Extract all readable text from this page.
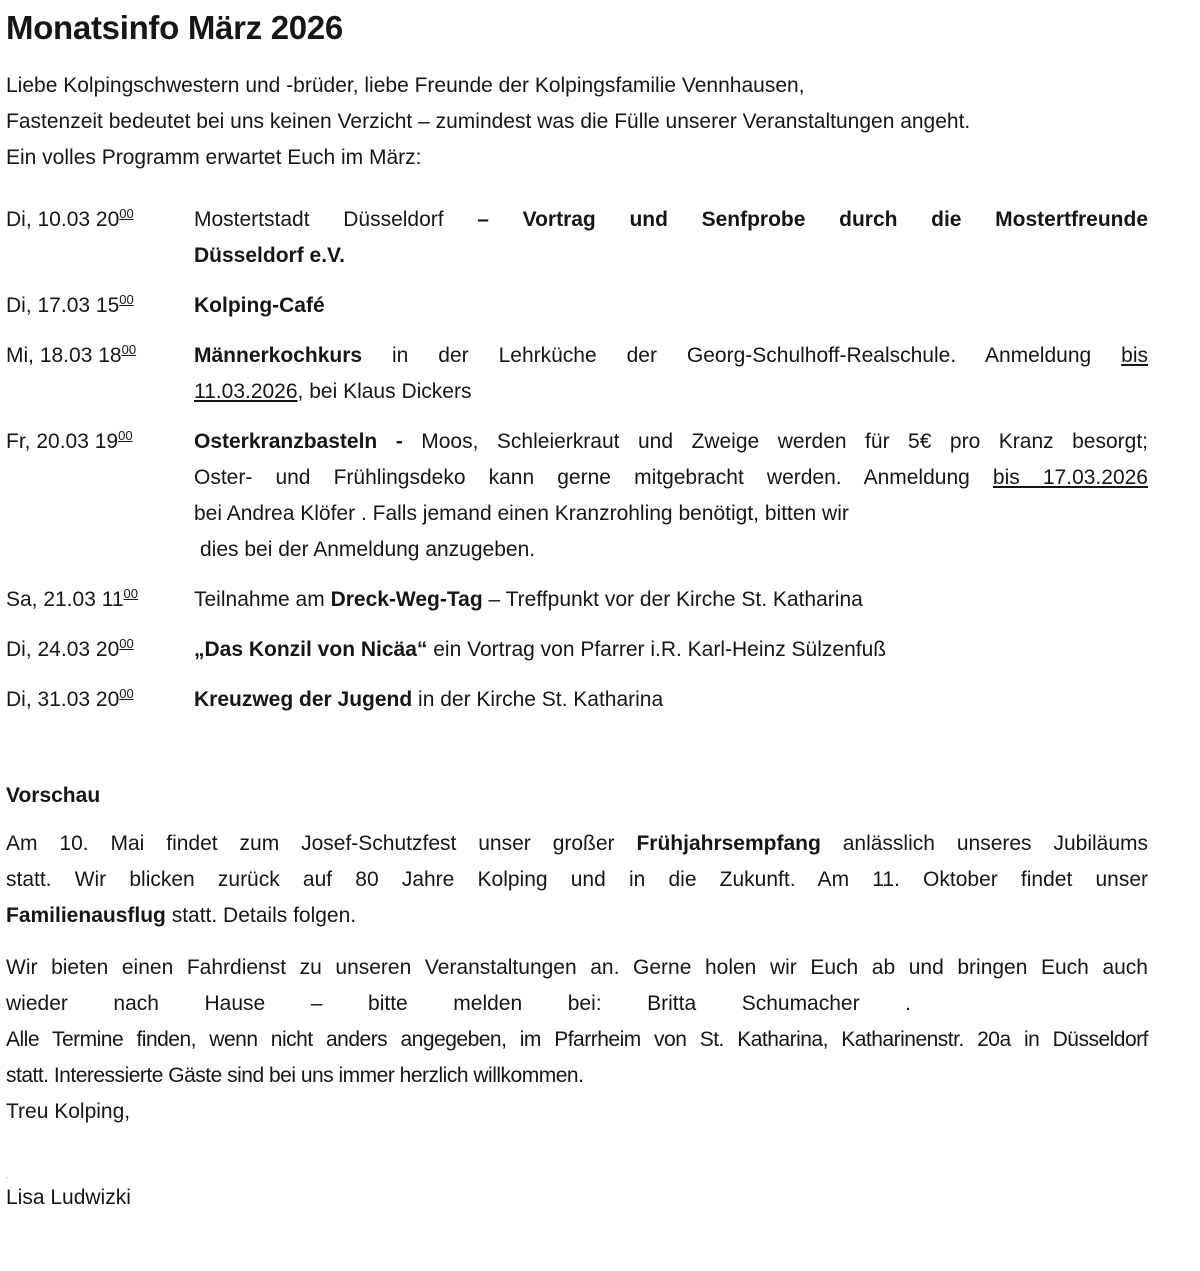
Monatsinfo März 2026

Liebe Kolpingschwestern und -brüder, liebe Freunde der Kolpingsfamilie Vennhausen,

Fastenzeit bedeutet bei uns keinen Verzicht – zumindest was die Fülle unserer Veranstaltungen angeht.
Ein volles Programm erwartet Euch im März:
Di, 10.03 $20^{00}$	Mostertstadt Düsseldorf – Vortrag und Senfprobe durch die Mostertfreunde
Düsseldorf e.V.
Di, 17.03 $15^{00}$	Kolping-Café
Mi, 18.03 $18^{00}$	Männerkochkurs in der Lehrküche der Georg-Schulhoff-Realschule. Anmeldung bis
11.03.2026, bei Klaus Dickers
Fr, 20.03 $19^{00}$	Osterkranzbasteln - Moos, Schleierkraut und Zweige werden für 5€ pro Kranz besorgt;
Oster- und Frühlingsdeko kann gerne mitgebracht werden. Anmeldung bis 17.03.2026
bei Andrea Klöfer . Falls jemand einen Kranzrohling benötigt, bitten wir
dies bei der Anmeldung anzugeben.
Sa, 21.03 $11^{00}$	Teilnahme am Dreck-Weg-Tag – Treffpunkt vor der Kirche St. Katharina
Di, 24.03 $20^{00}$	„Das Konzil von Nicäa“ ein Vortrag von Pfarrer i.R. Karl-Heinz Sülzenfuß
Di, 31.03 $20^{00}$	Kreuzweg der Jugend in der Kirche St. Katharina
Vorschau
Am 10. Mai findet zum Josef-Schutzfest unser großer Frühjahrsempfang anlässlich unseres Jubiläums
statt. Wir blicken zurück auf 80 Jahre Kolping und in die Zukunft. Am 11. Oktober findet unser
Familienausflug statt. Details folgen.
Wir bieten einen Fahrdienst zu unseren Veranstaltungen an. Gerne holen wir Euch ab und bringen Euch auch
wieder nach Hause – bitte melden bei: Britta Schumacher .
Alle Termine finden, wenn nicht anders angegeben, im Pfarrheim von St. Katharina, Katharinenstr. 20a in Düsseldorf
statt. Interessierte Gäste sind bei uns immer herzlich willkommen.

Treu Kolping,

.

Lisa Ludwizki
